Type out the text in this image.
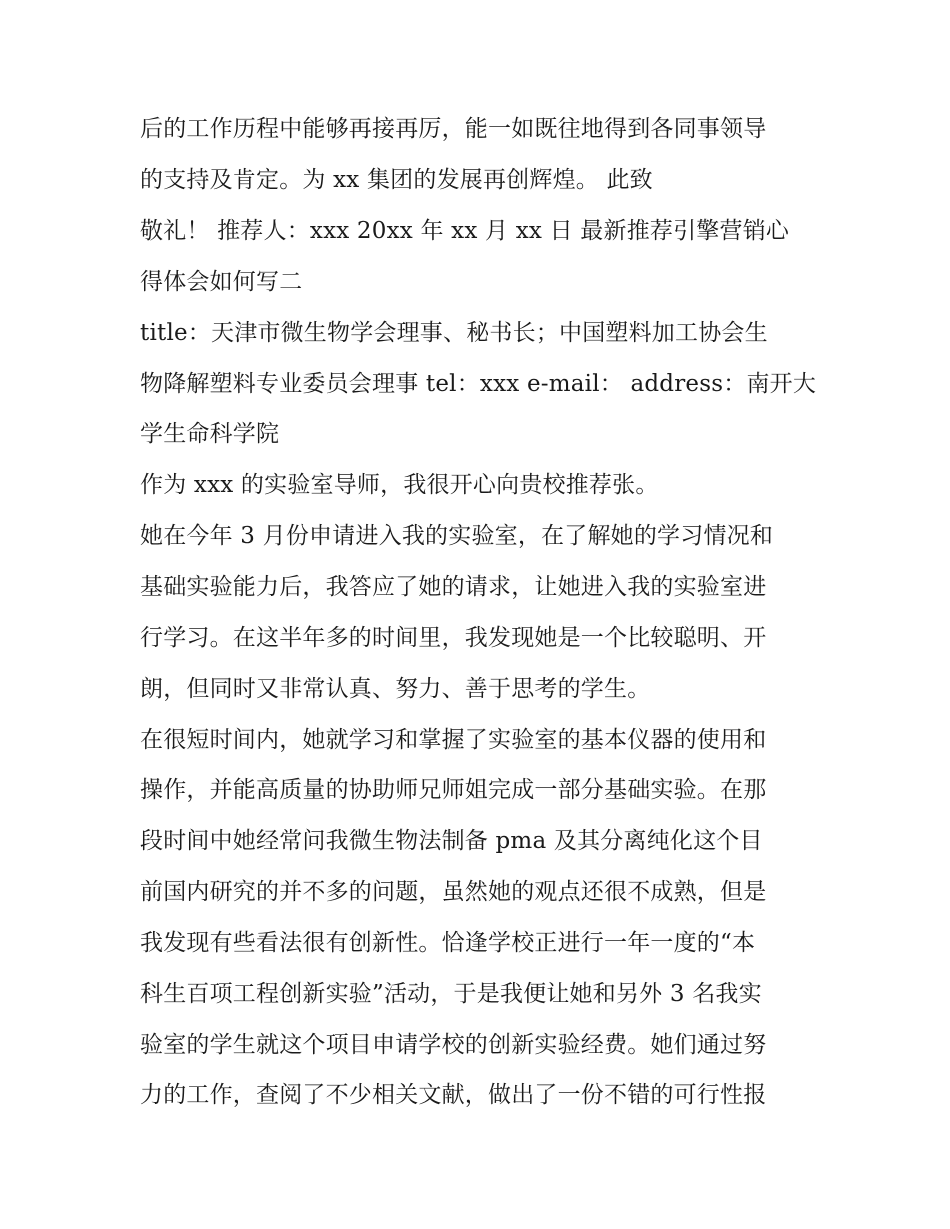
后的工作历程中能够再接再厉，能一如既往地得到各同事领导
的支持及肯定。为 xx 集团的发展再创辉煌。 此致
敬礼！ 推荐人：xxx 20xx 年 xx 月 xx 日 最新推荐引擎营销心
得体会如何写二
title：天津市微生物学会理事、秘书长；中国塑料加工协会生
物降解塑料专业委员会理事 tel：xxx e-mail： address：南开大
学生命科学院
作为 xxx 的实验室导师，我很开心向贵校推荐张。
她在今年 3 月份申请进入我的实验室，在了解她的学习情况和
基础实验能力后，我答应了她的请求，让她进入我的实验室进
行学习。在这半年多的时间里，我发现她是一个比较聪明、开
朗，但同时又非常认真、努力、善于思考的学生。
在很短时间内，她就学习和掌握了实验室的基本仪器的使用和
操作，并能高质量的协助师兄师姐完成一部分基础实验。在那
段时间中她经常问我微生物法制备 pma 及其分离纯化这个目
前国内研究的并不多的问题，虽然她的观点还很不成熟，但是
我发现有些看法很有创新性。恰逢学校正进行一年一度的“本
科生百项工程创新实验”活动，于是我便让她和另外 3 名我实
验室的学生就这个项目申请学校的创新实验经费。她们通过努
力的工作，查阅了不少相关文献，做出了一份不错的可行性报
